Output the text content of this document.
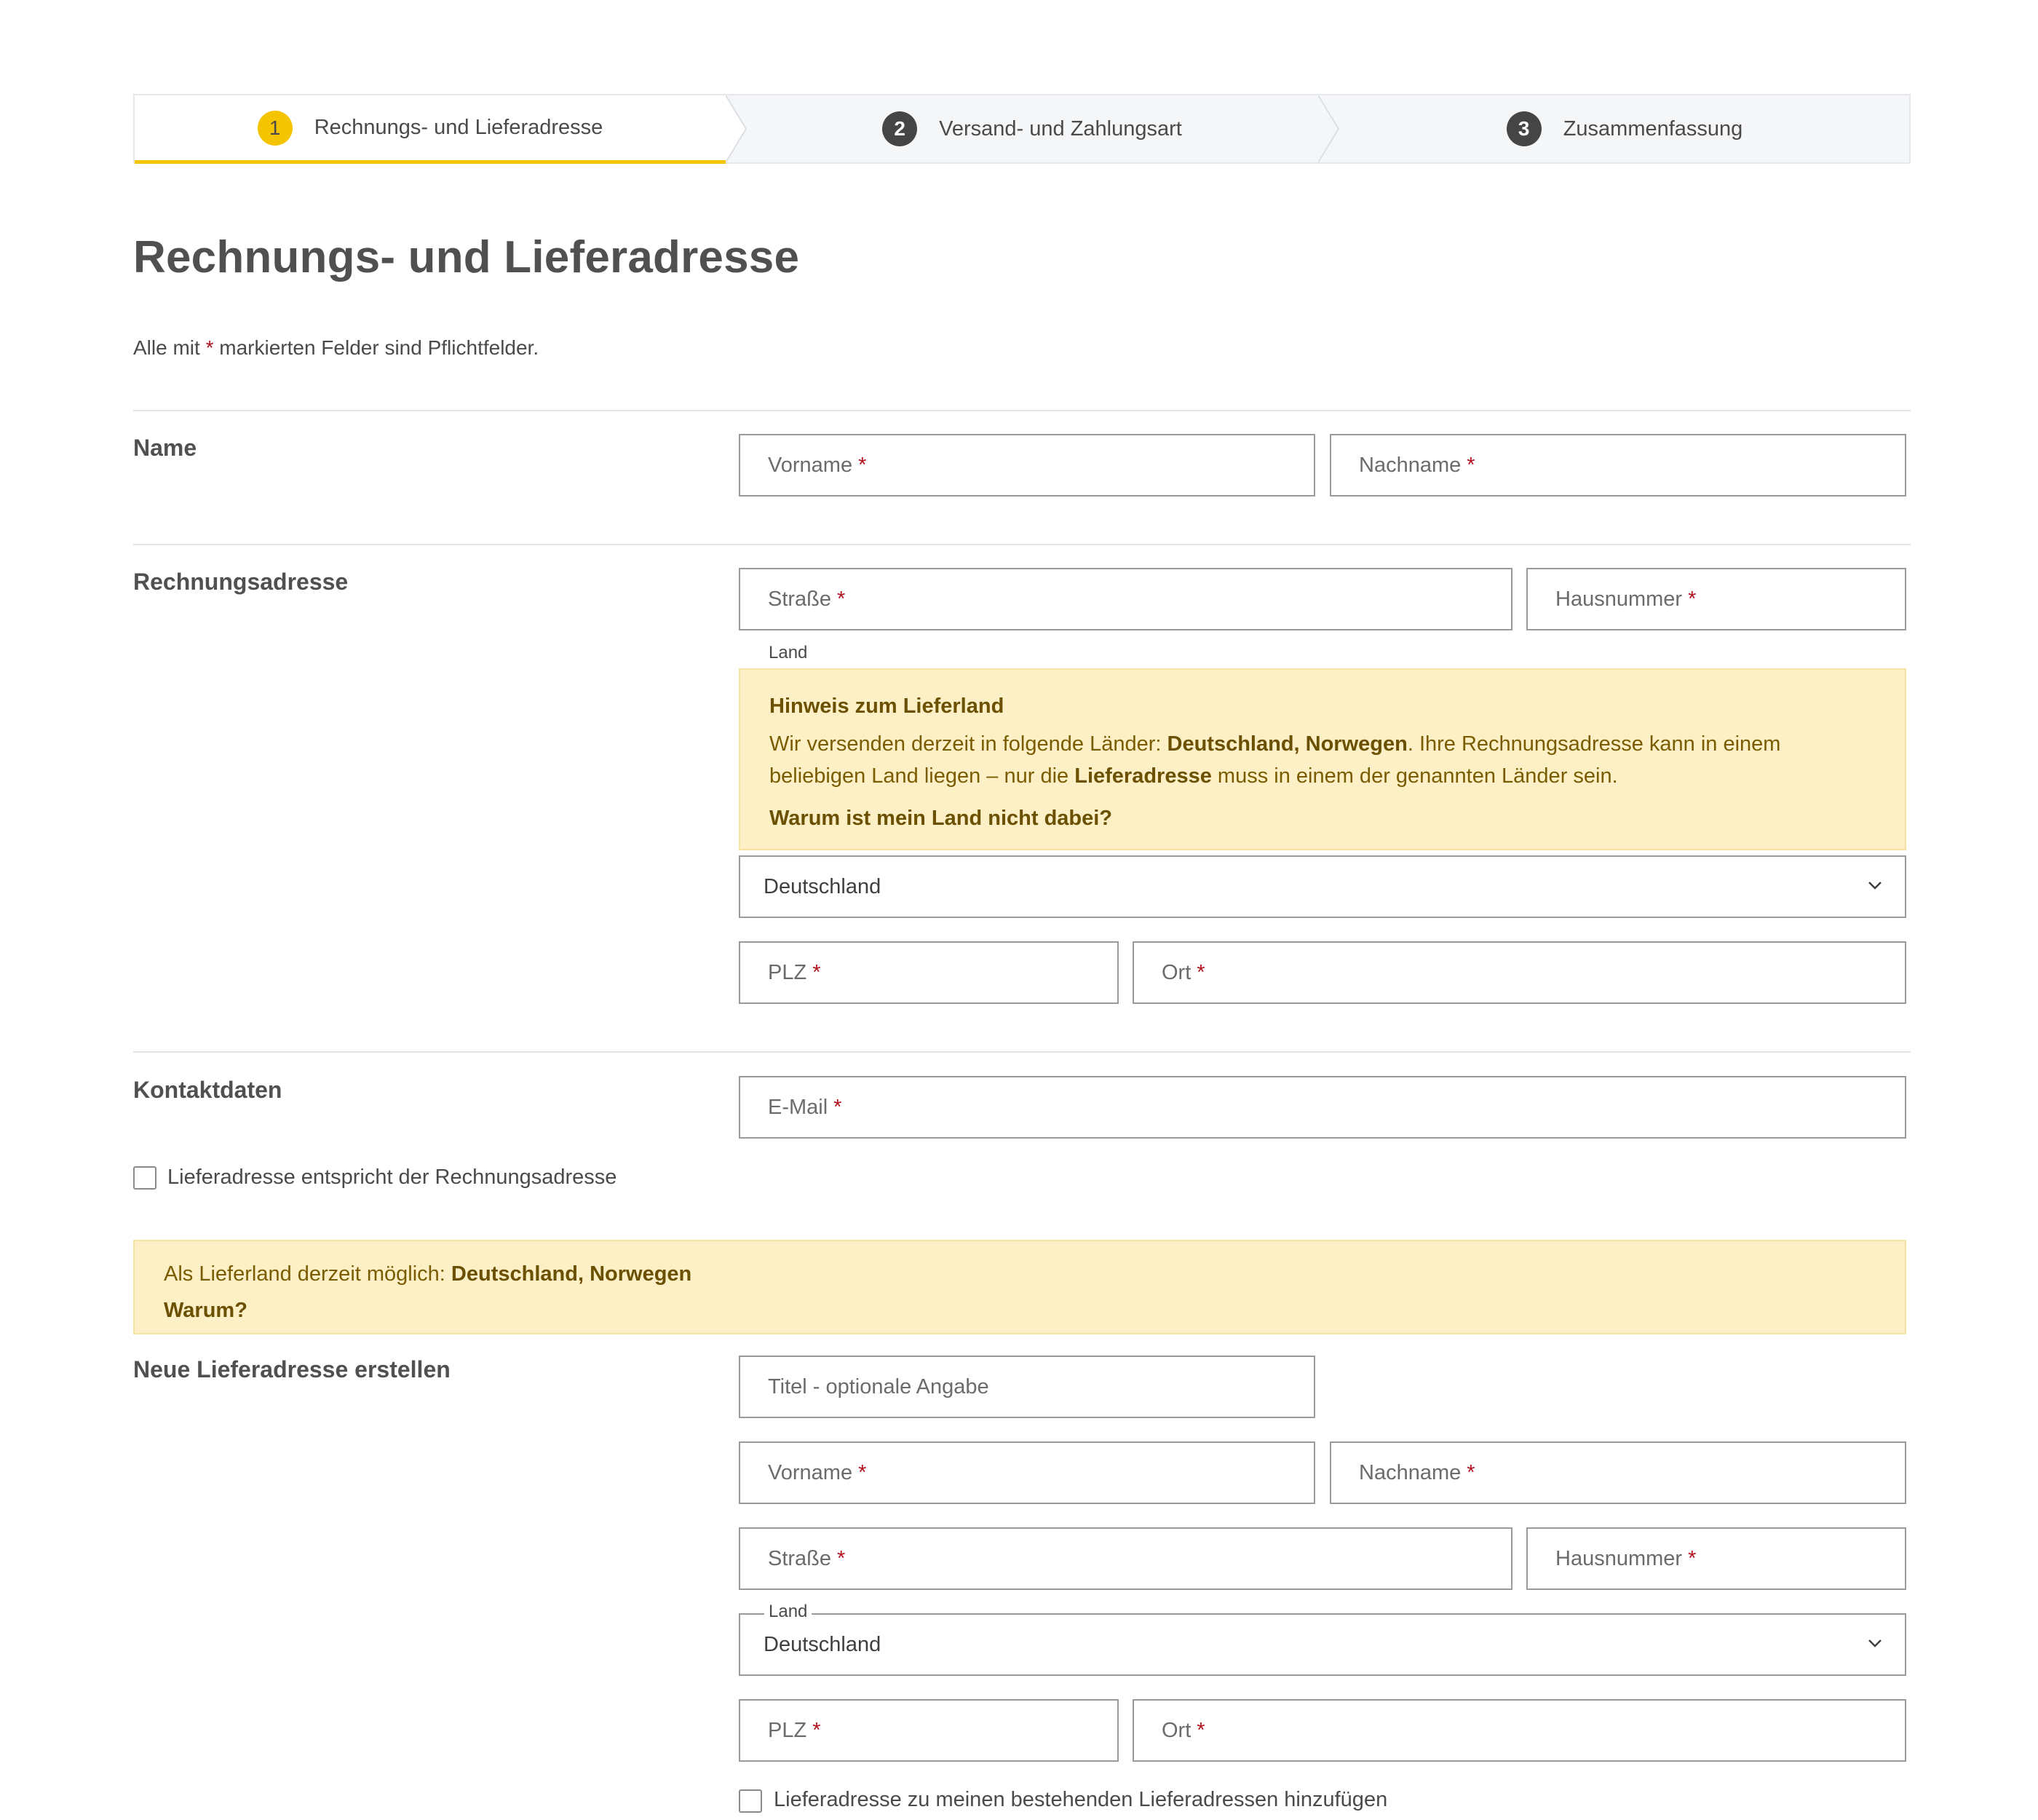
1	Rechnungs- und Lieferadresse	2	Versand- und Zahlungsart	3	Zusammenfassung
Rechnungs- und Lieferadresse
Alle mit * markierten Felder sind Pflichtfelder.
Name
Vorname *	Nachname *
Rechnungsadresse
Straße *	Hausnummer *
Land
Hinweis zum Lieferland
Wir versenden derzeit in folgende Länder: Deutschland, Norwegen. Ihre Rechnungsadresse kann in einem
beliebigen Land liegen – nur die Lieferadresse muss in einem der genannten Länder sein.
Warum ist mein Land nicht dabei?
Deutschland
PLZ *	Ort *
Kontaktdaten
E-Mail *
Lieferadresse entspricht der Rechnungsadresse
Als Lieferland derzeit möglich: Deutschland, Norwegen
Warum?
Neue Lieferadresse erstellen
Titel - optionale Angabe
Vorname *	Nachname *
Straße *	Hausnummer *
Deutschland
Land
PLZ *	Ort *
Lieferadresse zu meinen bestehenden Lieferadressen hinzufügen
